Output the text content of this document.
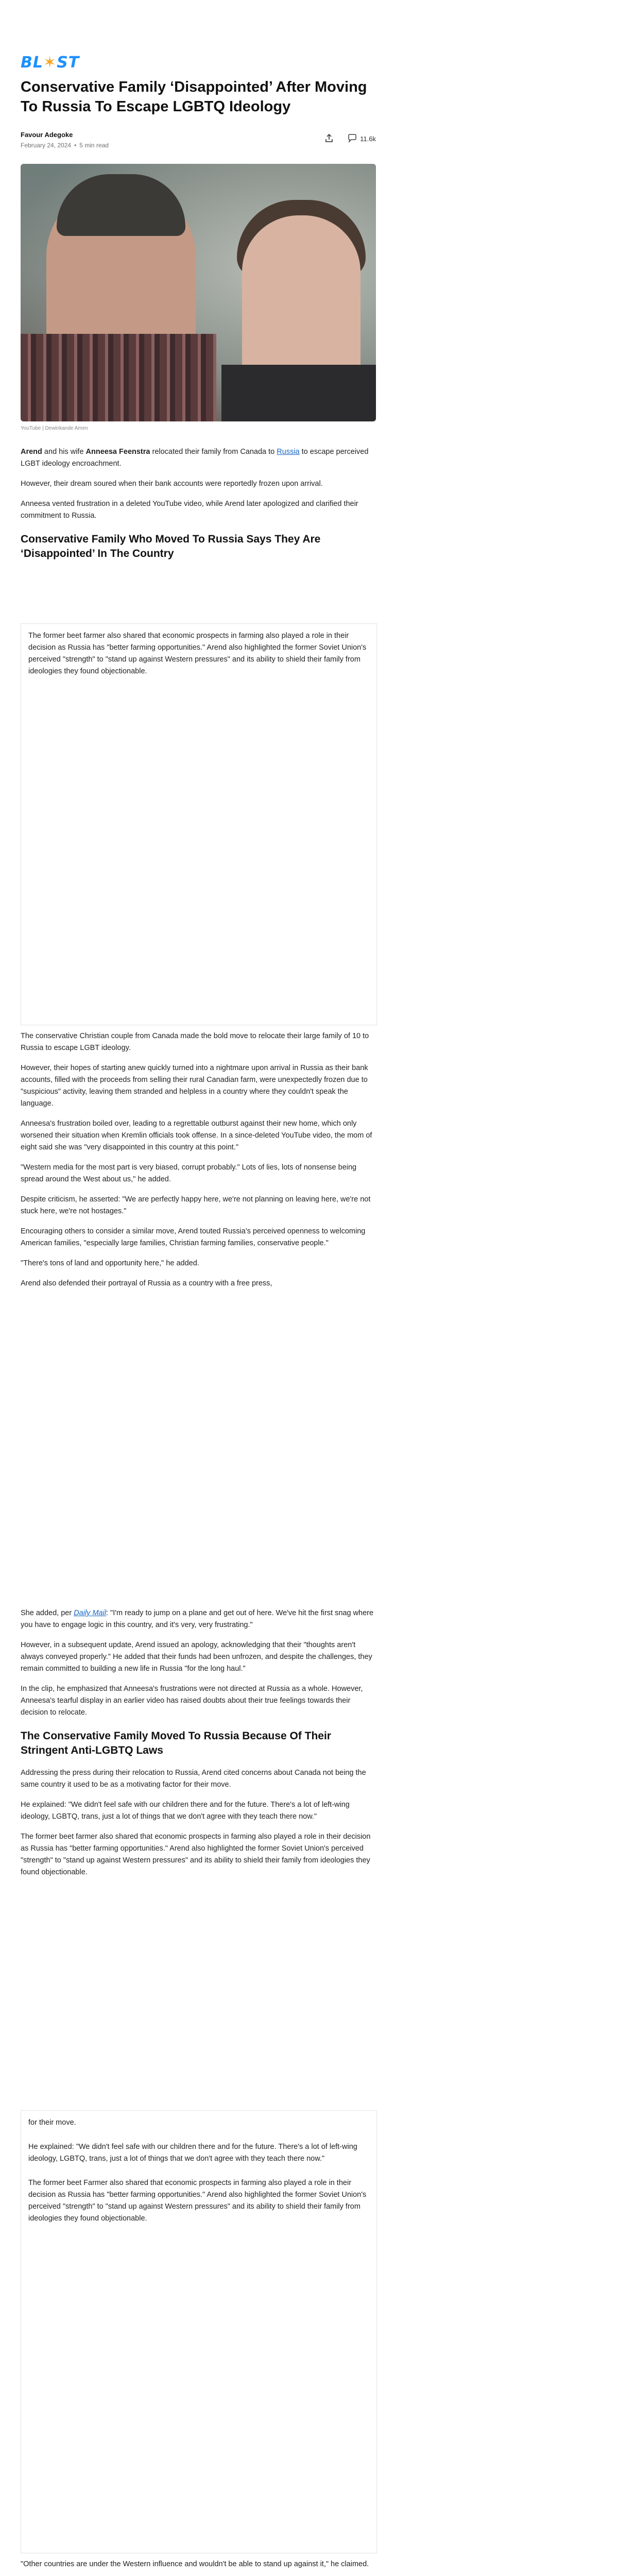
BL✶ST
Conservative Family ‘Disappointed’ After Moving To Russia To Escape LGBTQ Ideology
Favour Adegoke
February 24, 2024 • 5 min read
11.6k
YouTube | Dewinkande Amen

Arend and his wife Anneesa Feenstra relocated their family from Canada to Russia to escape perceived LGBT ideology encroachment.

However, their dream soured when their bank accounts were reportedly frozen upon arrival.

Anneesa vented frustration in a deleted YouTube video, while Arend later apologized and clarified their commitment to Russia.

Conservative Family Who Moved To Russia Says They Are ‘Disappointed’ In The Country
The former beet farmer also shared that economic prospects in farming also played a role in their decision as Russia has "better farming opportunities." Arend also highlighted the former Soviet Union's perceived "strength" to "stand up against Western pressures" and its ability to shield their family from ideologies they found objectionable.

The conservative Christian couple from Canada made the bold move to relocate their large family of 10 to Russia to escape LGBT ideology.

However, their hopes of starting anew quickly turned into a nightmare upon arrival in Russia as their bank accounts, filled with the proceeds from selling their rural Canadian farm, were unexpectedly frozen due to "suspicious" activity, leaving them stranded and helpless in a country where they couldn't speak the language.

Anneesa's frustration boiled over, leading to a regrettable outburst against their new home, which only worsened their situation when Kremlin officials took offense. In a since-deleted YouTube video, the mom of eight said she was "very disappointed in this country at this point."

"Western media for the most part is very biased, corrupt probably." Lots of lies, lots of nonsense being spread around the West about us," he added.

Despite criticism, he asserted: "We are perfectly happy here, we're not planning on leaving here, we're not stuck here, we're not hostages."

Encouraging others to consider a similar move, Arend touted Russia's perceived openness to welcoming American families, "especially large families, Christian farming families, conservative people."

"There's tons of land and opportunity here," he added.

Arend also defended their portrayal of Russia as a country with a free press,

She added, per Daily Mail: "I'm ready to jump on a plane and get out of here. We've hit the first snag where you have to engage logic in this country, and it's very, very frustrating."

However, in a subsequent update, Arend issued an apology, acknowledging that their "thoughts aren't always conveyed properly." He added that their funds had been unfrozen, and despite the challenges, they remain committed to building a new life in Russia "for the long haul."

In the clip, he emphasized that Anneesa's frustrations were not directed at Russia as a whole. However, Anneesa's tearful display in an earlier video has raised doubts about their true feelings towards their decision to relocate.

The Conservative Family Moved To Russia Because Of Their Stringent Anti-LGBTQ Laws

Addressing the press during their relocation to Russia, Arend cited concerns about Canada not being the same country it used to be as a motivating factor for their move.

He explained: "We didn't feel safe with our children there and for the future. There's a lot of left-wing ideology, LGBTQ, trans, just a lot of things that we don't agree with they teach there now."

The former beet farmer also shared that economic prospects in farming also played a role in their decision as Russia has "better farming opportunities." Arend also highlighted the former Soviet Union's perceived "strength" to "stand up against Western pressures" and its ability to shield their family from ideologies they found objectionable.

for their move.
He explained: "We didn't feel safe with our children there and for the future. There's a lot of left-wing ideology, LGBTQ, trans, just a lot of things that we don't agree with they teach there now."
The former beet Farmer also shared that economic prospects in farming also played a role in their decision as Russia has "better farming opportunities." Arend also highlighted the former Soviet Union's perceived "strength" to "stand up against Western pressures" and its ability to shield their family from ideologies they found objectionable.

"Other countries are under the Western influence and wouldn't be able to stand up against it," he claimed.
